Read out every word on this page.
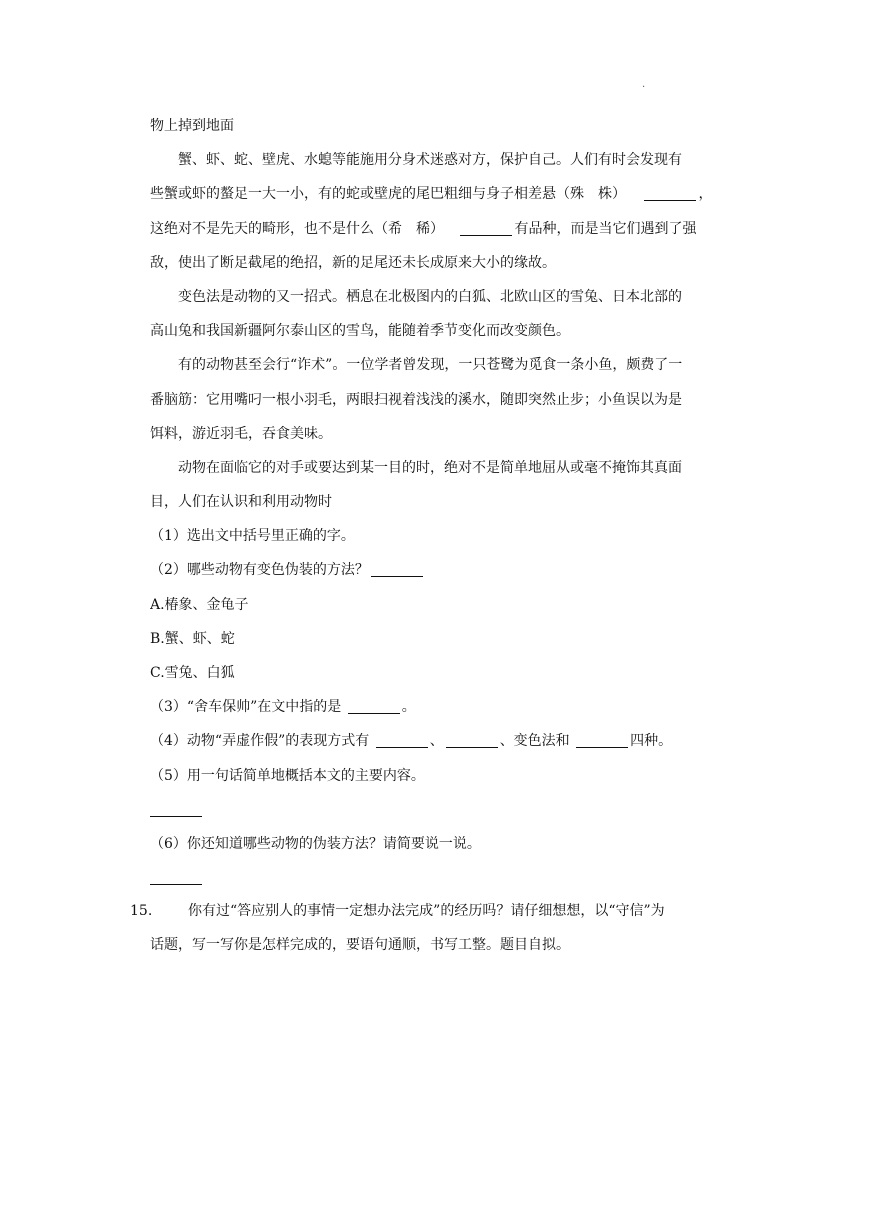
.
物上掉到地面
蟹、虾、蛇、壁虎、水螅等能施用分身术迷惑对方，保护自己。人们有时会发现有
些蟹或虾的螯足一大一小，有的蛇或壁虎的尾巴粗细与身子相差悬（殊　株）	，
这绝对不是先天的畸形，也不是什么（希　稀）	有品种，而是当它们遇到了强
敌，使出了断足截尾的绝招，新的足尾还未长成原来大小的缘故。
变色法是动物的又一招式。栖息在北极图内的白狐、北欧山区的雪兔、日本北部的
高山兔和我国新疆阿尔泰山区的雪鸟，能随着季节变化而改变颜色。
有的动物甚至会行“诈术”。一位学者曾发现，一只苍鹭为觅食一条小鱼，颇费了一
番脑筋：它用嘴叼一根小羽毛，两眼扫视着浅浅的溪水，随即突然止步；小鱼误以为是
饵料，游近羽毛，吞食美味。
动物在面临它的对手或要达到某一目的时，绝对不是简单地屈从或毫不掩饰其真面
目，人们在认识和利用动物时
（1）选出文中括号里正确的字。
（2）哪些动物有变色伪装的方法？
A.椿象、金龟子
B.蟹、虾、蛇
C.雪兔、白狐
（3）“舍车保帅”在文中指的是	。
（4）动物“弄虚作假”的表现方式有	、	、变色法和	四种。
（5）用一句话简单地概括本文的主要内容。
（6）你还知道哪些动物的伪装方法？请简要说一说。
15.	你有过“答应别人的事情一定想办法完成”的经历吗？请仔细想想，以“守信”为
话题，写一写你是怎样完成的，要语句通顺，书写工整。题目自拟。
